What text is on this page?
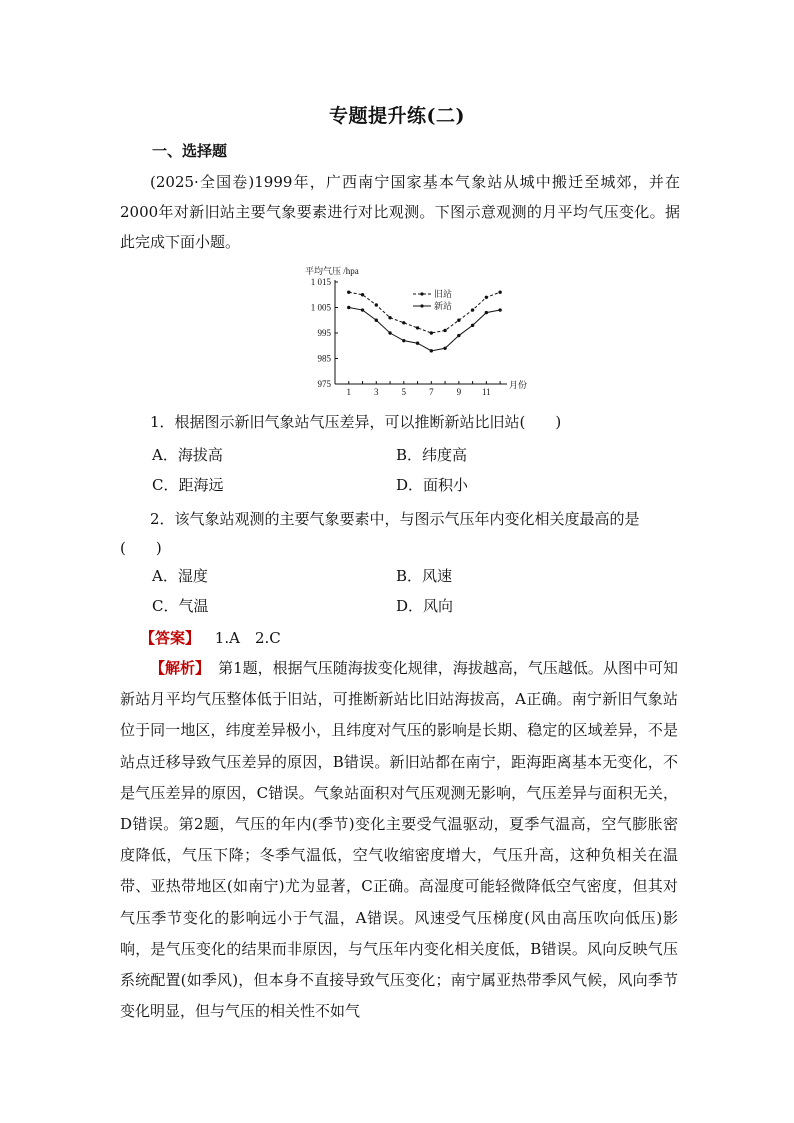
专题提升练(二)
一、选择题
(2025·全国卷)1999年，广西南宁国家基本气象站从城中搬迁至城郊，并在2000年对新旧站主要气象要素进行对比观测。下图示意观测的月平均气压变化。据此完成下面小题。
平均气压 /hpa
月份
1 015
1 005
995
985
975
1	3	5	7	9 11
旧站
新站
1．根据图示新旧气象站气压差异，可以推断新站比旧站(　　)
A．海拔高	B．纬度高
C．距海远	D．面积小
2．该气象站观测的主要气象要素中，与图示气压年内变化相关度最高的是
(　　)
A．湿度	B．风速
C．气温	D．风向
【答案】 1.A　2.C
【解析】 第1题，根据气压随海拔变化规律，海拔越高，气压越低。从图中可知新站月平均气压整体低于旧站，可推断新站比旧站海拔高，A正确。南宁新旧气象站位于同一地区，纬度差异极小，且纬度对气压的影响是长期、稳定的区域差异，不是站点迁移导致气压差异的原因，B错误。新旧站都在南宁，距海距离基本无变化，不是气压差异的原因，C错误。气象站面积对气压观测无影响，气压差异与面积无关，D错误。第2题，气压的年内(季节)变化主要受气温驱动，夏季气温高，空气膨胀密度降低，气压下降；冬季气温低，空气收缩密度增大，气压升高，这种负相关在温带、亚热带地区(如南宁)尤为显著，C正确。高湿度可能轻微降低空气密度，但其对气压季节变化的影响远小于气温，A错误。风速受气压梯度(风由高压吹向低压)影响，是气压变化的结果而非原因，与气压年内变化相关度低，B错误。风向反映气压系统配置(如季风)，但本身不直接导致气压变化；南宁属亚热带季风气候，风向季节变化明显，但与气压的相关性不如气
